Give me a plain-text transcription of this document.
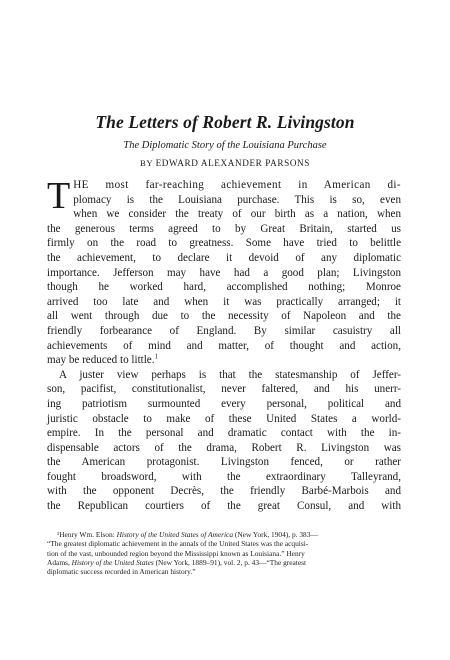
The Letters of Robert R. Livingston
The Diplomatic Story of the Louisiana Purchase
BY EDWARD ALEXANDER PARSONS
T HE most far-reaching achievement in American di-
plomacy is the Louisiana purchase. This is so, even
when we consider the treaty of our birth as a nation, when
the generous terms agreed to by Great Britain, started us
firmly on the road to greatness. Some have tried to belittle
the achievement, to declare it devoid of any diplomatic
importance. Jefferson may have had a good plan; Livingston
though he worked hard, accomplished nothing; Monroe
arrived too late and when it was practically arranged; it
all went through due to the necessity of Napoleon and the
friendly forbearance of England. By similar casuistry all
achievements of mind and matter, of thought and action,
may be reduced to little.$^1$
A juster view perhaps is that the statesmanship of Jeffer-
son, pacifist, constitutionalist, never faltered, and his unerr-
ing patriotism surmounted every personal, political and
juristic obstacle to make of these United States a world-
empire. In the personal and dramatic contact with the in-
dispensable actors of the drama, Robert R. Livingston was
the American protagonist. Livingston fenced, or rather
fought broadsword, with the extraordinary Talleyrand,
with the opponent Decrès, the friendly Barbé-Marbois and
the Republican courtiers of the great Consul, and with
¹Henry Wm. Elson: History of the United States of America (New York, 1904), p. 383—
“The greatest diplomatic achievement in the annals of the United States was the acquisi-
tion of the vast, unbounded region beyond the Mississippi known as Louisiana.” Henry
Adams, History of the United States (New York, 1889–91), vol. 2, p. 43—“The greatest
diplomatic success recorded in American history.”
